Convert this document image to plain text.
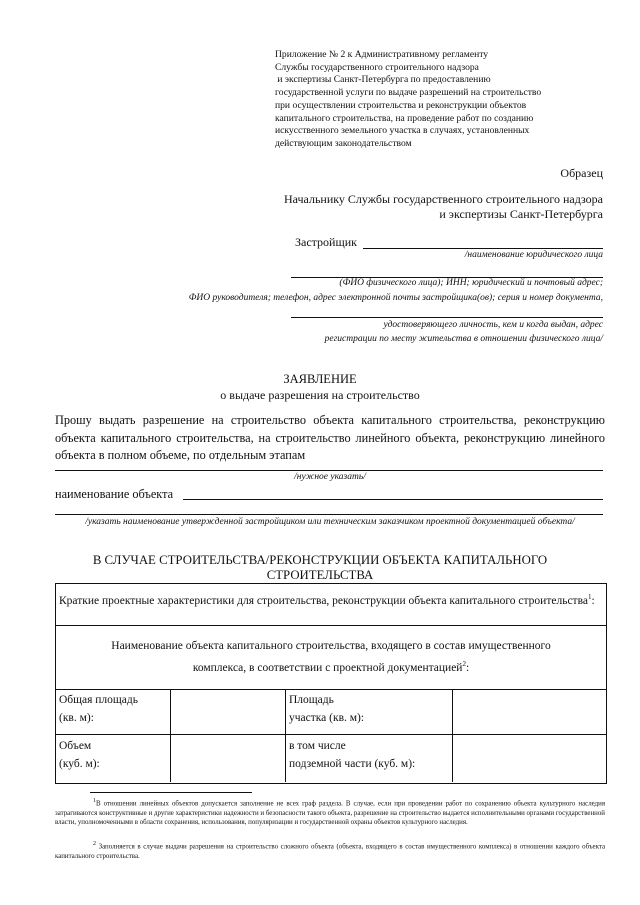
Приложение № 2 к Административному регламенту
Службы государственного строительного надзора
и экспертизы Санкт-Петербурга по предоставлению
государственной услуги по выдаче разрешений на строительство
при осуществлении строительства и реконструкции объектов
капитального строительства, на проведение работ по созданию
искусственного земельного участка в случаях, установленных
действующим законодательством
Образец
Начальнику Службы государственного строительного надзора
и экспертизы Санкт-Петербурга
Застройщик
/наименование юридического лица
(ФИО физического лица); ИНН; юридический и почтовый адрес;
ФИО руководителя; телефон, адрес электронной почты застройщика(ов); серия и номер документа,
удостоверяющего личность, кем и когда выдан, адрес
регистрации по месту жительства в отношении физического лица/
ЗАЯВЛЕНИЕ
о выдаче разрешения на строительство
Прошу выдать разрешение на строительство объекта капитального строительства, реконструкцию объекта капитального строительства, на строительство линейного объекта, реконструкцию линейного объекта в полном объеме, по отдельным этапам
/нужное указать/
наименование объекта
/указать наименование утвержденной застройщиком или техническим заказчиком проектной документацией объекта/
В СЛУЧАЕ СТРОИТЕЛЬСТВА/РЕКОНСТРУКЦИИ ОБЪЕКТА КАПИТАЛЬНОГО
СТРОИТЕЛЬСТВА
Краткие проектные характеристики для строительства, реконструкции объекта капитального строительства$^1$:
Наименование объекта капитального строительства, входящего в состав имущественного
комплекса, в соответствии с проектной документацией$^2$:
Общая площадь
(кв. м):
Площадь
участка (кв. м):
Объем
(куб. м):
в том числе
подземной части (куб. м):
$^1$В отношении линейных объектов допускается заполнение не всех граф раздела. В случае, если при проведении работ по сохранению объекта культурного наследия затрагиваются конструктивные и другие характеристики надежности и безопасности такого объекта, разрешение на строительство выдается исполнительными органами государственной власти, уполномоченными в области сохранения, использования, популяризации и государственной охраны объектов культурного наследия.
$^2$ Заполняется в случае выдачи разрешения на строительство сложного объекта (объекта, входящего в состав имущественного комплекса) в отношении каждого объекта капитального строительства.
